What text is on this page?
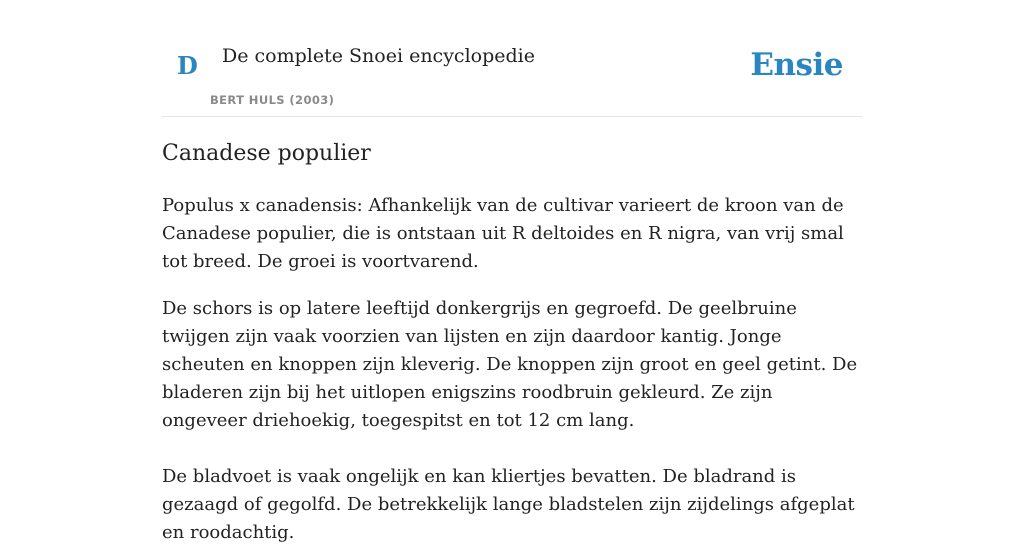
D De complete Snoei encyclopedie
BERT HULS (2003)
Ensie
Canadese populier

Populus x canadensis: Afhankelijk van de cultivar varieert de kroon van de Canadese populier, die is ontstaan uit R deltoides en R nigra, van vrij smal tot breed. De groei is voortvarend.

De schors is op latere leeftijd donkergrijs en gegroefd. De geelbruine twijgen zijn vaak voorzien van lijsten en zijn daardoor kantig. Jonge scheuten en knoppen zijn kleverig. De knoppen zijn groot en geel getint. De bladeren zijn bij het uitlopen enigszins roodbruin gekleurd. Ze zijn ongeveer driehoekig, toegespitst en tot 12 cm lang.

De bladvoet is vaak ongelijk en kan kliertjes bevatten. De bladrand is gezaagd of gegolfd. De betrekkelijk lange bladstelen zijn zijdelings afgeplat en roodachtig.
